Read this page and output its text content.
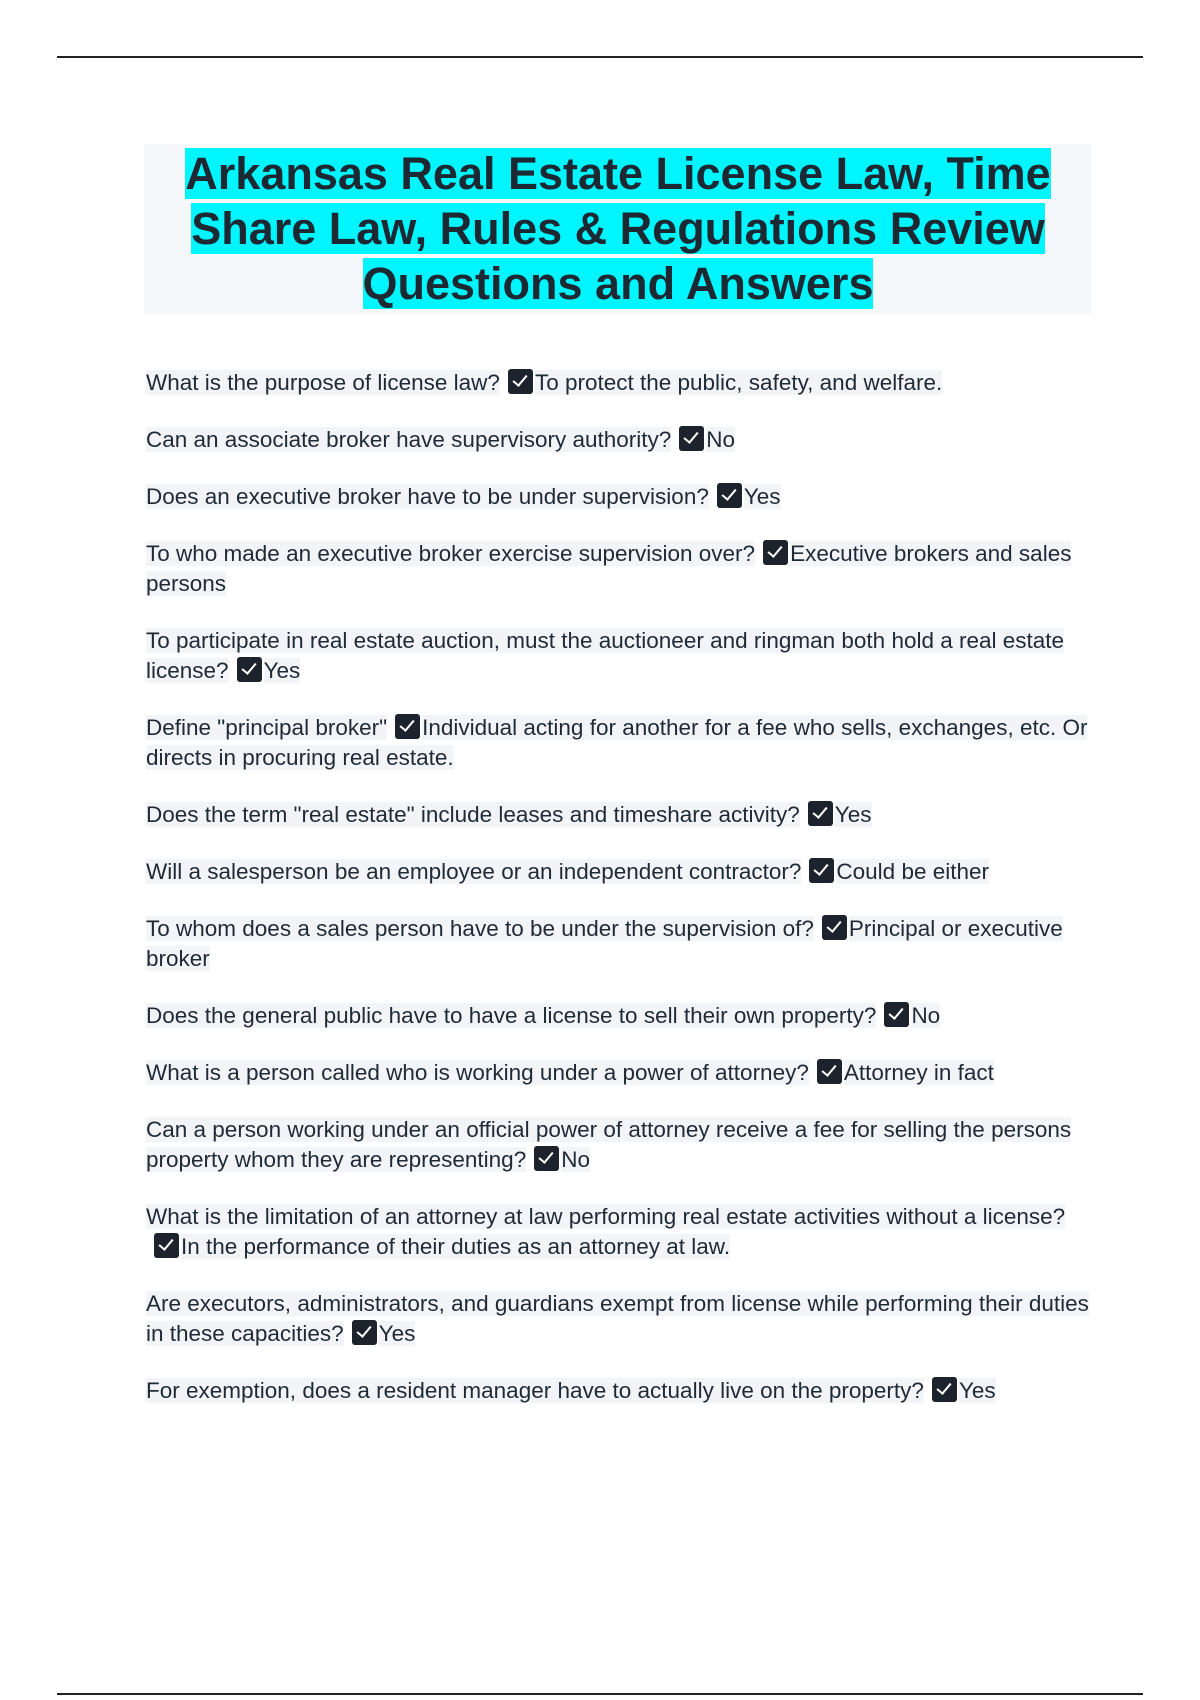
Arkansas Real Estate License Law, Time Share Law, Rules & Regulations Review Questions and Answers
What is the purpose of license law? To protect the public, safety, and welfare.
Can an associate broker have supervisory authority? No
Does an executive broker have to be under supervision? Yes
To who made an executive broker exercise supervision over? Executive brokers and sales persons
To participate in real estate auction, must the auctioneer and ringman both hold a real estate license? Yes
Define "principal broker" Individual acting for another for a fee who sells, exchanges, etc. Or directs in procuring real estate.
Does the term "real estate" include leases and timeshare activity? Yes
Will a salesperson be an employee or an independent contractor? Could be either
To whom does a sales person have to be under the supervision of? Principal or executive broker
Does the general public have to have a license to sell their own property? No
What is a person called who is working under a power of attorney? Attorney in fact
Can a person working under an official power of attorney receive a fee for selling the persons property whom they are representing? No
What is the limitation of an attorney at law performing real estate activities without a license?In the performance of their duties as an attorney at law.
Are executors, administrators, and guardians exempt from license while performing their duties in these capacities? Yes
For exemption, does a resident manager have to actually live on the property? Yes
